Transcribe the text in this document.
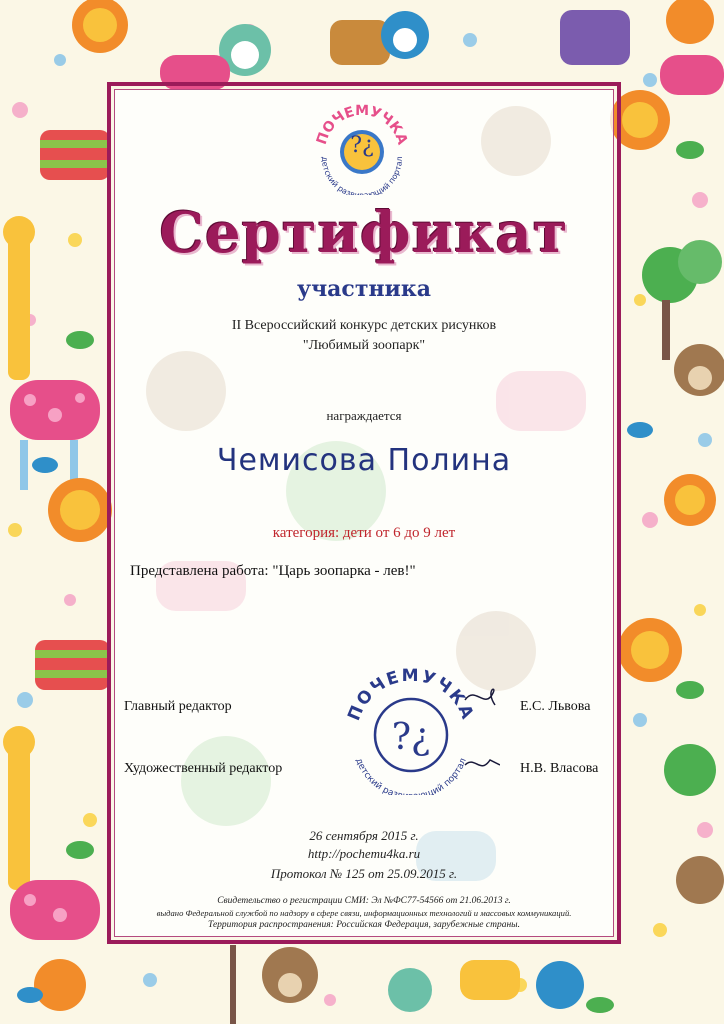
ПОЧЕМУЧКА
детский разв ющий портал
?¿
Сертификат
участника
II Всероссийский конкурс детских рисунков
"Любимый зоопарк"
награждается
Чемисова Полина
категория: дети от 6 до 9 лет
Представлена работа: "Царь зоопарка - лев!"
?¿
ПОЧЕМУЧКА
детский раз щий портал
Главный редактор	Е.С. Львова
Художественный редактор	Н.В. Власова
26 сентября 2015 г.
http://pochemu4ka.ru
Протокол № 125 от 25.09.2015 г.
Свидетельство о регистрации СМИ: Эл №ФС77-54566 от 21.06.2013 г.
выдано Федеральной службой по надзору в сфере связи, информационных технологий и массовых коммуникаций.
Территория распространения: Российская Федерация, зарубежные страны.
